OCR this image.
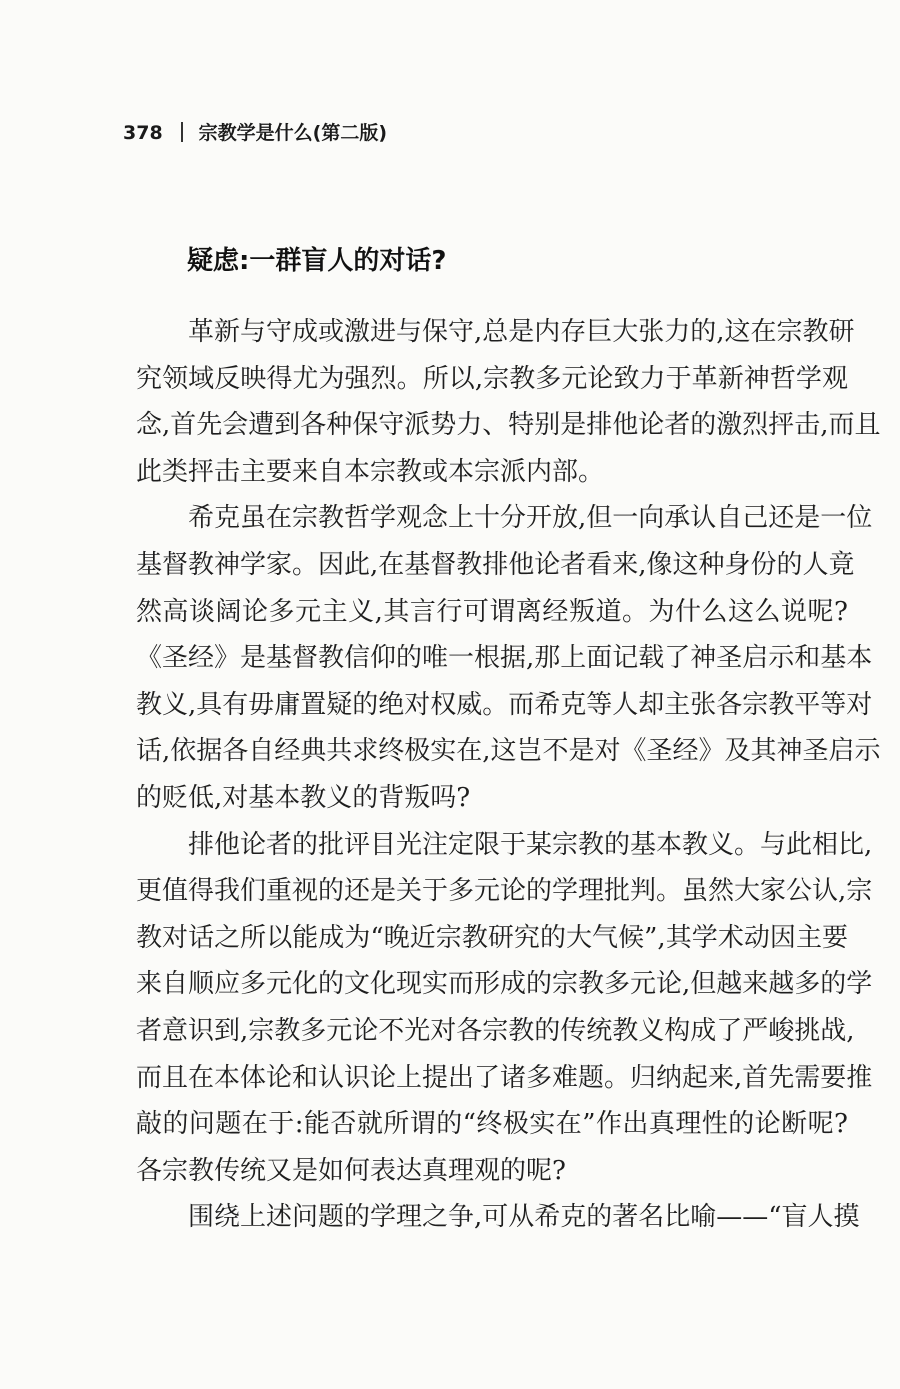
378 宗教学是什么(第二版)
疑虑:一群盲人的对话?
革新与守成或激进与保守,总是内存巨大张力的,这在宗教研
究领域反映得尤为强烈。所以,宗教多元论致力于革新神哲学观
念,首先会遭到各种保守派势力、特别是排他论者的激烈抨击,而且
此类抨击主要来自本宗教或本宗派内部。
希克虽在宗教哲学观念上十分开放,但一向承认自己还是一位
基督教神学家。因此,在基督教排他论者看来,像这种身份的人竟
然高谈阔论多元主义,其言行可谓离经叛道。为什么这么说呢?
《圣经》是基督教信仰的唯一根据,那上面记载了神圣启示和基本
教义,具有毋庸置疑的绝对权威。而希克等人却主张各宗教平等对
话,依据各自经典共求终极实在,这岂不是对《圣经》及其神圣启示
的贬低,对基本教义的背叛吗?
排他论者的批评目光注定限于某宗教的基本教义。与此相比,
更值得我们重视的还是关于多元论的学理批判。虽然大家公认,宗
教对话之所以能成为“晚近宗教研究的大气候”,其学术动因主要
来自顺应多元化的文化现实而形成的宗教多元论,但越来越多的学
者意识到,宗教多元论不光对各宗教的传统教义构成了严峻挑战,
而且在本体论和认识论上提出了诸多难题。归纳起来,首先需要推
敲的问题在于:能否就所谓的“终极实在”作出真理性的论断呢?
各宗教传统又是如何表达真理观的呢?
围绕上述问题的学理之争,可从希克的著名比喻——“盲人摸
